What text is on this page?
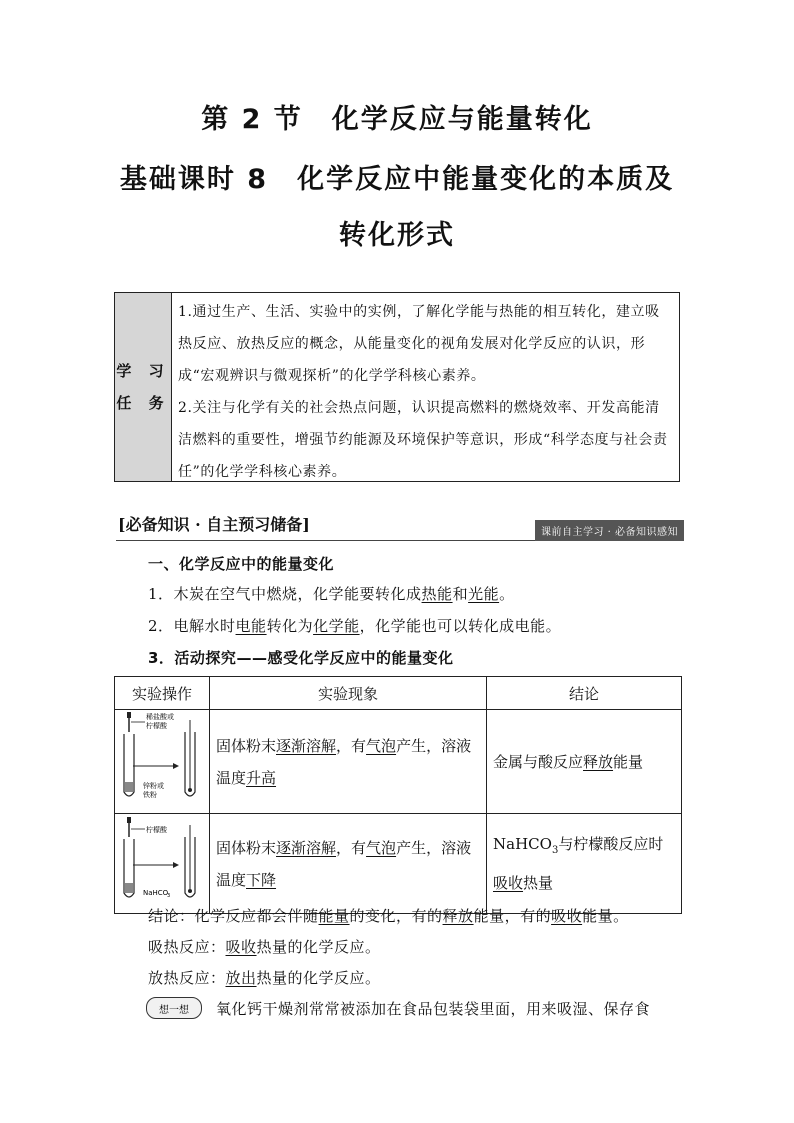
第 2 节　化学反应与能量转化
基础课时 8　化学反应中能量变化的本质及
转化形式
学 习
任 务

1.通过生产、生活、实验中的实例，了解化学能与热能的相互转化，建立吸热反应、放热反应的概念，从能量变化的视角发展对化学反应的认识，形成“宏观辨识与微观探析”的化学学科核心素养。

2.关注与化学有关的社会热点问题，认识提高燃料的燃烧效率、开发高能清洁燃料的重要性，增强节约能源及环境保护等意识，形成“科学态度与社会责任”的化学学科核心素养。

[必备知识 · 自主预习储备]	课前自主学习 · 必备知识感知
一、化学反应中的能量变化
1．木炭在空气中燃烧，化学能要转化成热能和光能。
2．电解水时电能转化为化学能，化学能也可以转化成电能。
3．活动探究——感受化学反应中的能量变化
实验操作	实验现象	结论

稀盐酸或
柠檬酸
锌粉或
铁粉	固体粉末逐渐溶解，有气泡产生，溶液温度升高	金属与酸反应释放能量

柠檬酸
NaHCO
3	固体粉末逐渐溶解，有气泡产生，溶液温度下降	NaHCO$_3$与柠檬酸反应时吸收热量
结论：化学反应都会伴随能量的变化，有的释放能量，有的吸收能量。
吸热反应：吸收热量的化学反应。
放热反应：放出热量的化学反应。
想一想	氧化钙干燥剂常常被添加在食品包装袋里面，用来吸湿、保存食
